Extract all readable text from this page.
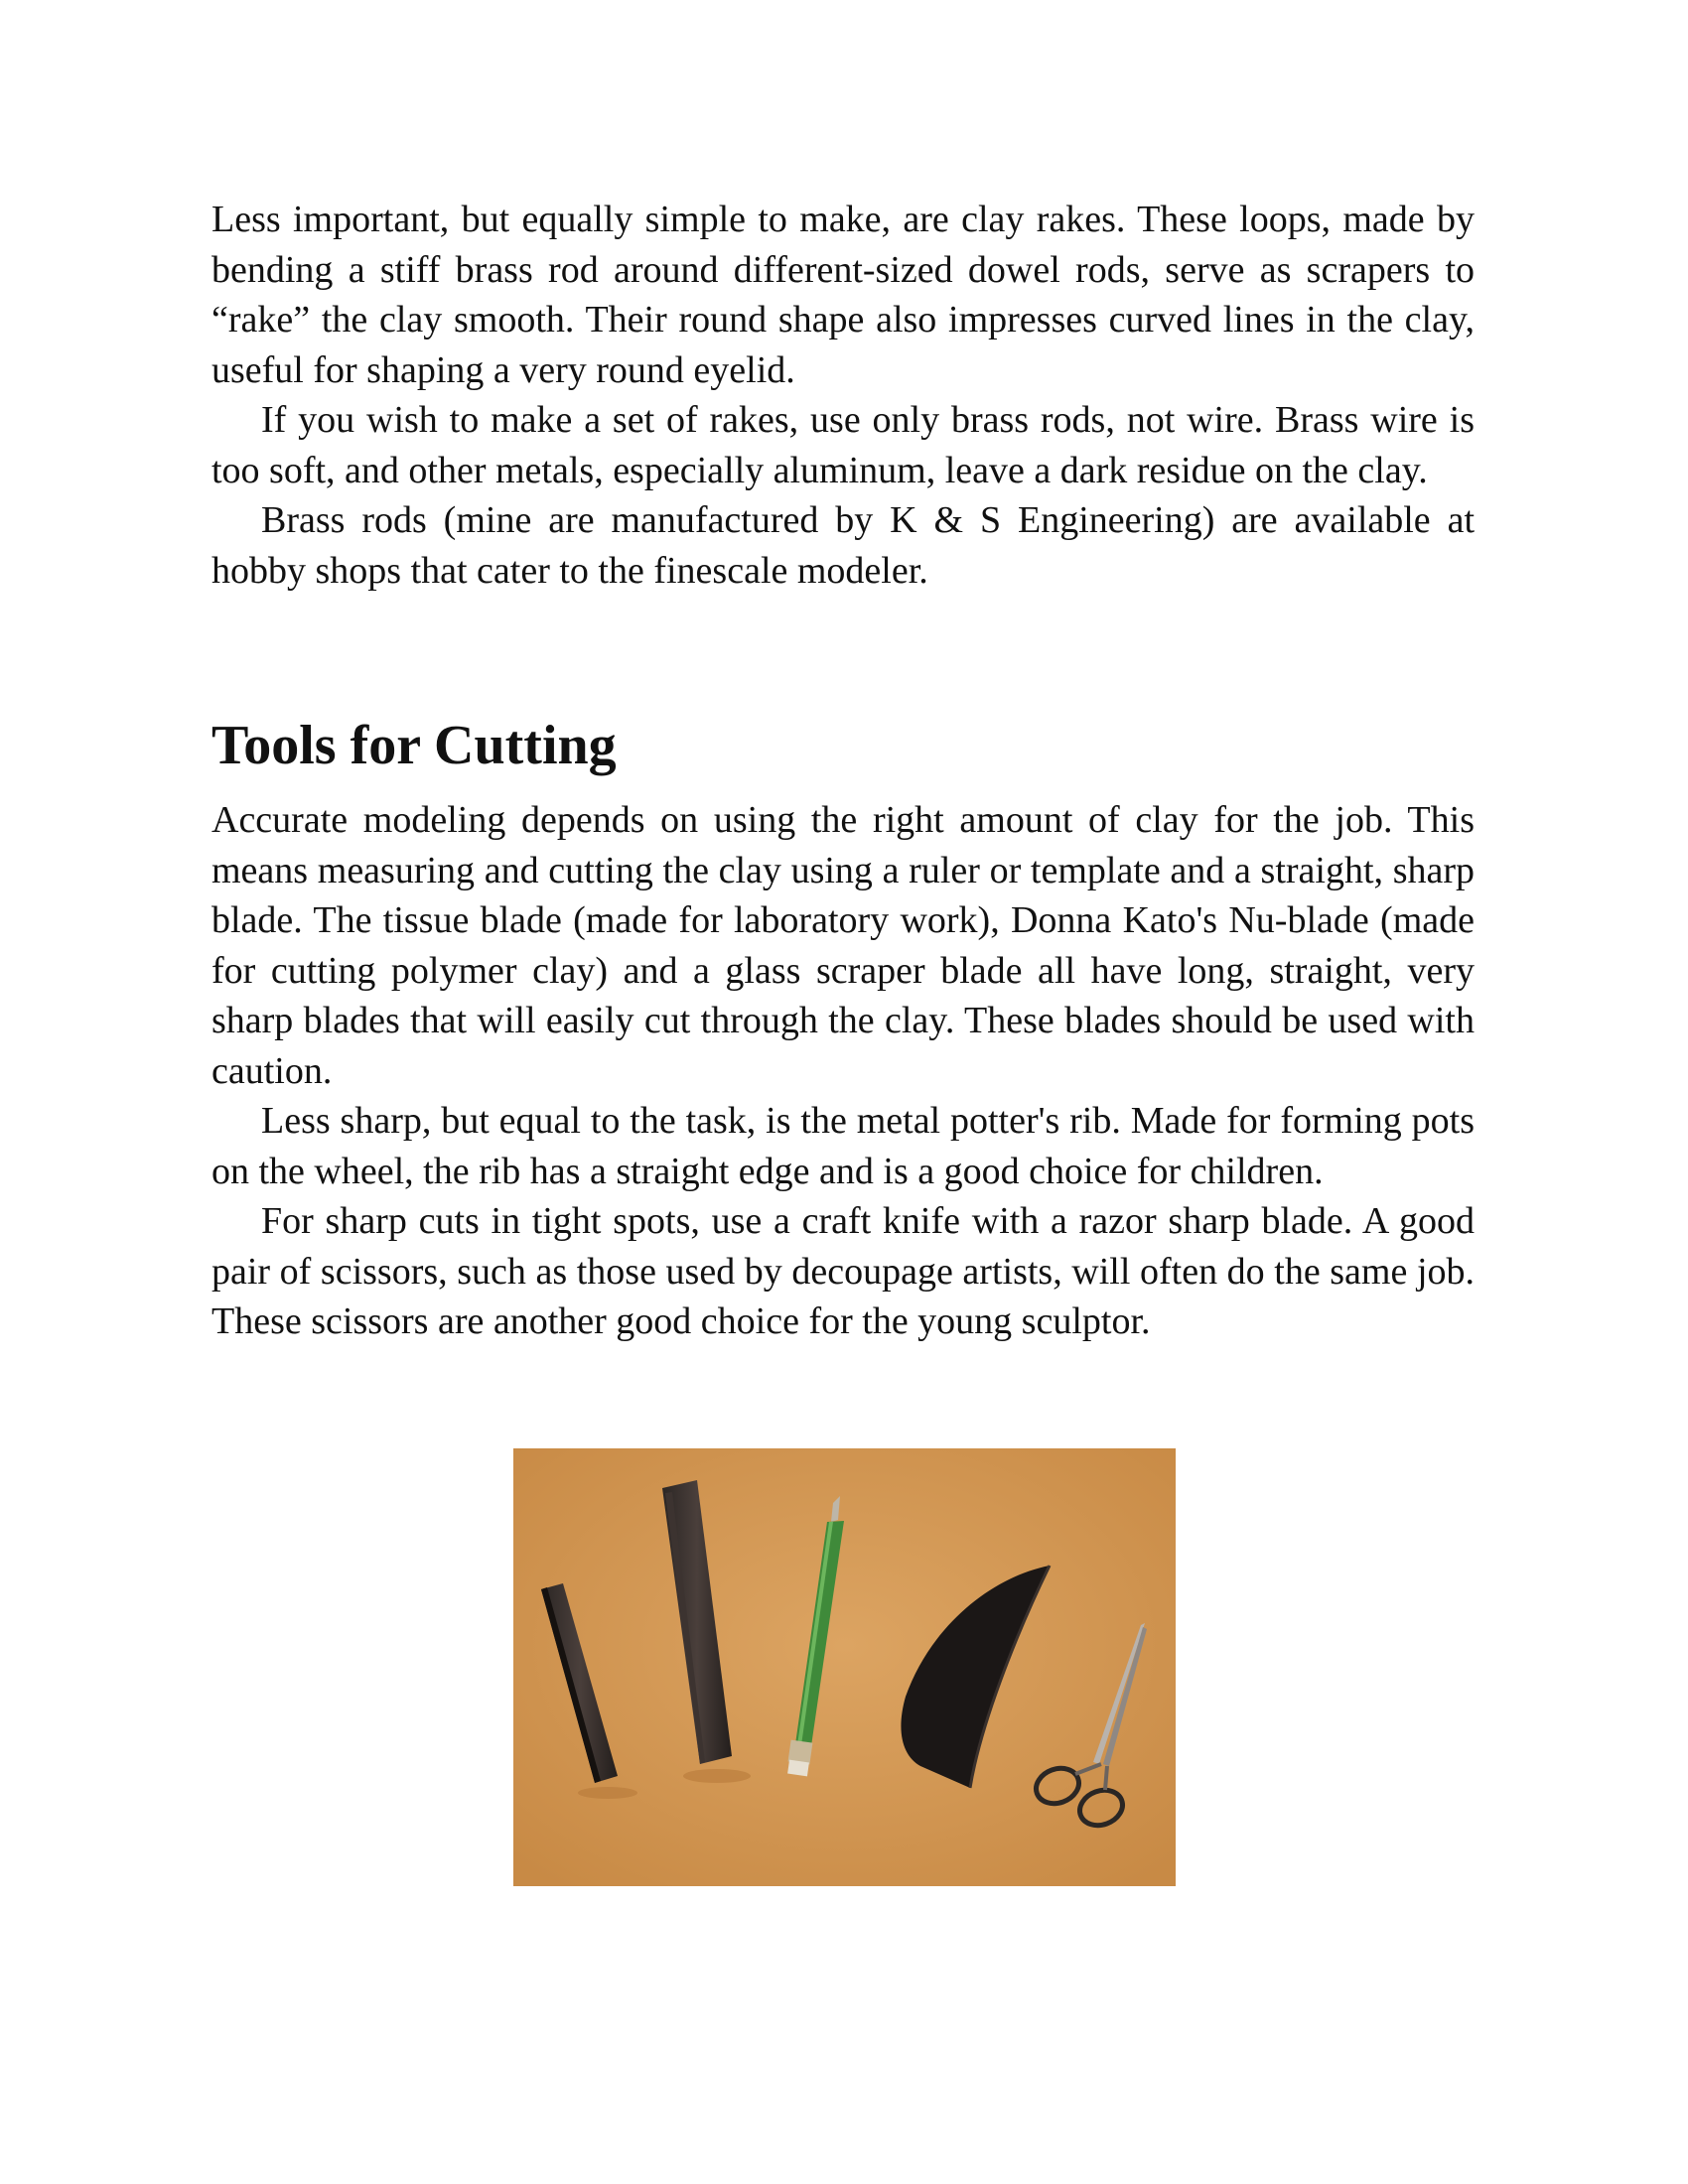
Less important, but equally simple to make, are clay rakes. These loops, made by bending a stiff brass rod around different-sized dowel rods, serve as scrapers to “rake” the clay smooth. Their round shape also impresses curved lines in the clay, useful for shaping a very round eyelid.

If you wish to make a set of rakes, use only brass rods, not wire. Brass wire is too soft, and other metals, especially aluminum, leave a dark residue on the clay.

Brass rods (mine are manufactured by K & S Engineering) are available at hobby shops that cater to the finescale modeler.

Tools for Cutting

Accurate modeling depends on using the right amount of clay for the job. This means measuring and cutting the clay using a ruler or template and a straight, sharp blade. The tissue blade (made for laboratory work), Donna Kato's Nu-blade (made for cutting polymer clay) and a glass scraper blade all have long, straight, very sharp blades that will easily cut through the clay. These blades should be used with caution.

Less sharp, but equal to the task, is the metal potter's rib. Made for forming pots on the wheel, the rib has a straight edge and is a good choice for children.

For sharp cuts in tight spots, use a craft knife with a razor sharp blade. A good pair of scissors, such as those used by decoupage artists, will often do the same job. These scissors are another good choice for the young sculptor.
